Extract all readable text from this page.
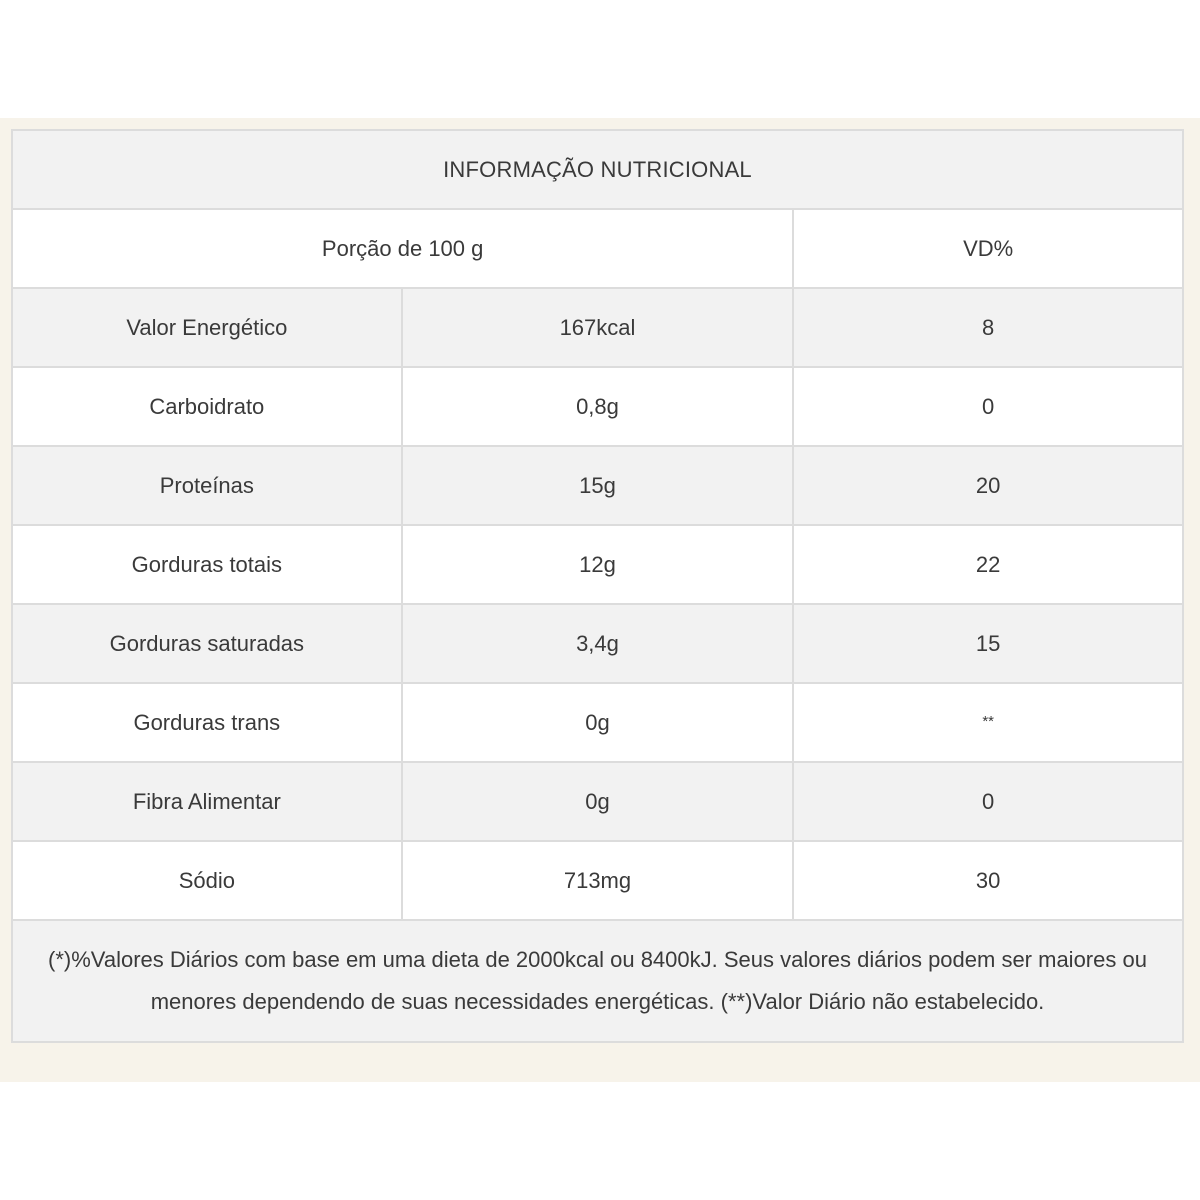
INFORMAÇÃO NUTRICIONAL		
Porção de 100 g		VD%
Valor Energético	167kcal	8
Carboidrato	0,8g	0
Proteínas	15g	20
Gorduras totais	12g	22
Gorduras saturadas	3,4g	15
Gorduras trans	0g	**
Fibra Alimentar	0g	0
Sódio	713mg	30
(*)%Valores Diários com base em uma dieta de 2000kcal ou 8400kJ. Seus valores diários podem ser maiores ou menores dependendo de suas necessidades energéticas. (**)Valor Diário não estabelecido.		
